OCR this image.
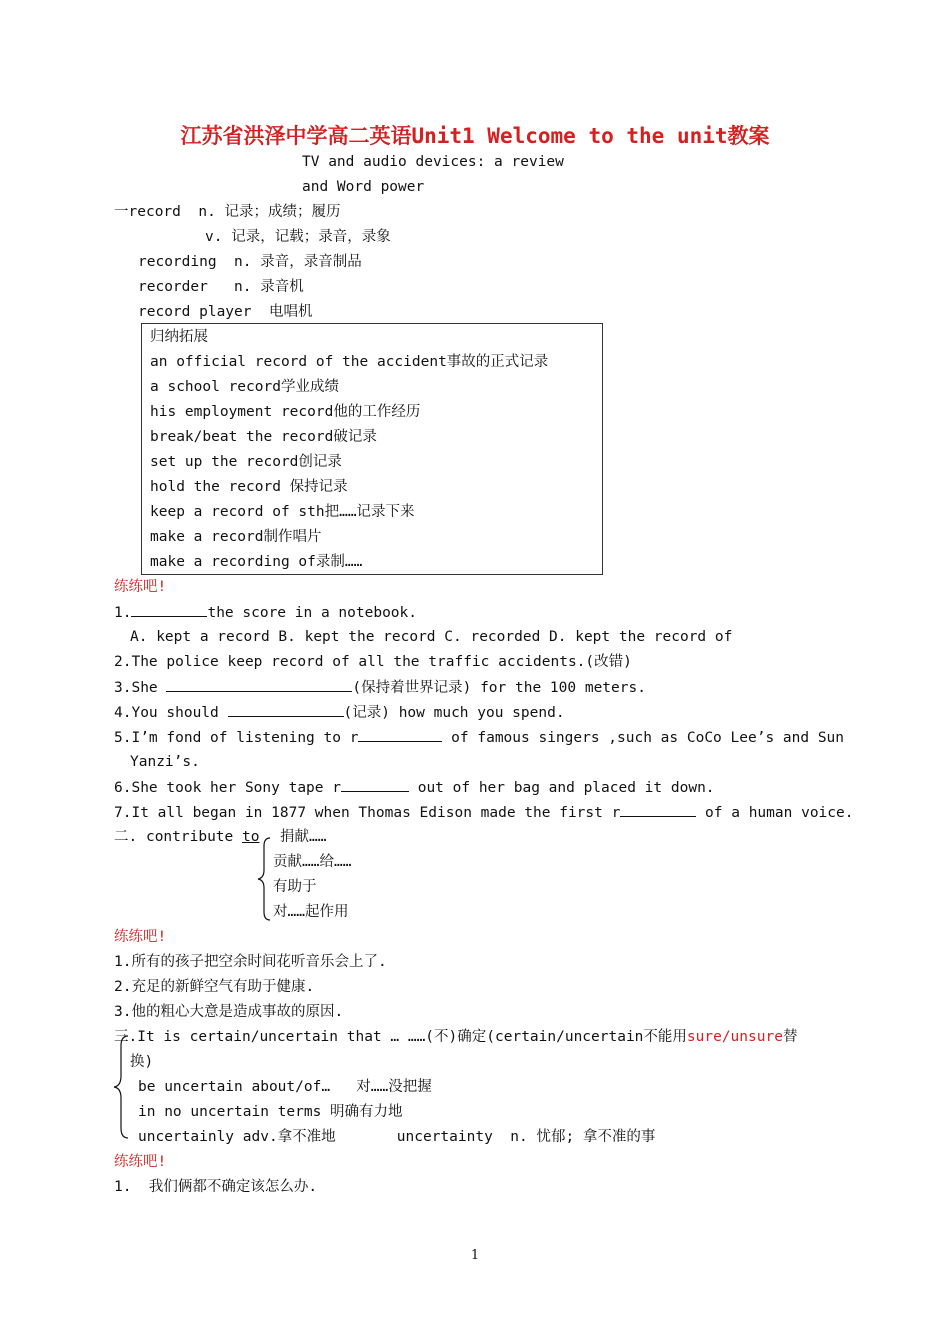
江苏省洪泽中学高二英语Unit1 Welcome to the unit教案
TV and audio devices: a review
and Word power
一record  n. 记录；成绩；履历
v. 记录，记载；录音，录象
recording  n. 录音，录音制品
recorder   n. 录音机
record player  电唱机
归纳拓展
an official record of the accident事故的正式记录
a school record学业成绩
his employment record他的工作经历
break/beat the record破记录
set up the record创记录
hold the record 保持记录
keep a record of sth把……记录下来
make a record制作唱片
make a recording of录制……
练练吧!
1.	the score in a notebook.
A. kept a record B. kept the record C. recorded D. kept the record of
2.The police keep record of all the traffic accidents.(改错)
3.She	(保持着世界记录) for the 100 meters.
4.You should	(记录) how much you spend.
5.I’m fond of listening to r	of famous singers ,such as CoCo Lee’s and Sun
Yanzi’s.
6.She took her Sony tape r	out of her bag and placed it down.
7.It all began in 1877 when Thomas Edison made the first r	of a human voice.
二. contribute to 捐献……
贡献……给……
有助于
对……起作用
练练吧!
1.所有的孩子把空余时间花听音乐会上了.
2.充足的新鲜空气有助于健康.
3.他的粗心大意是造成事故的原因.
三.It is certain/uncertain that … ……(不)确定(certain/uncertain不能用sure/unsure替
换)
be uncertain about/of…   对……没把握
in no uncertain terms 明确有力地
uncertainly adv.拿不准地       uncertainty  n. 忧郁; 拿不准的事
练练吧!
1.  我们俩都不确定该怎么办.
1
